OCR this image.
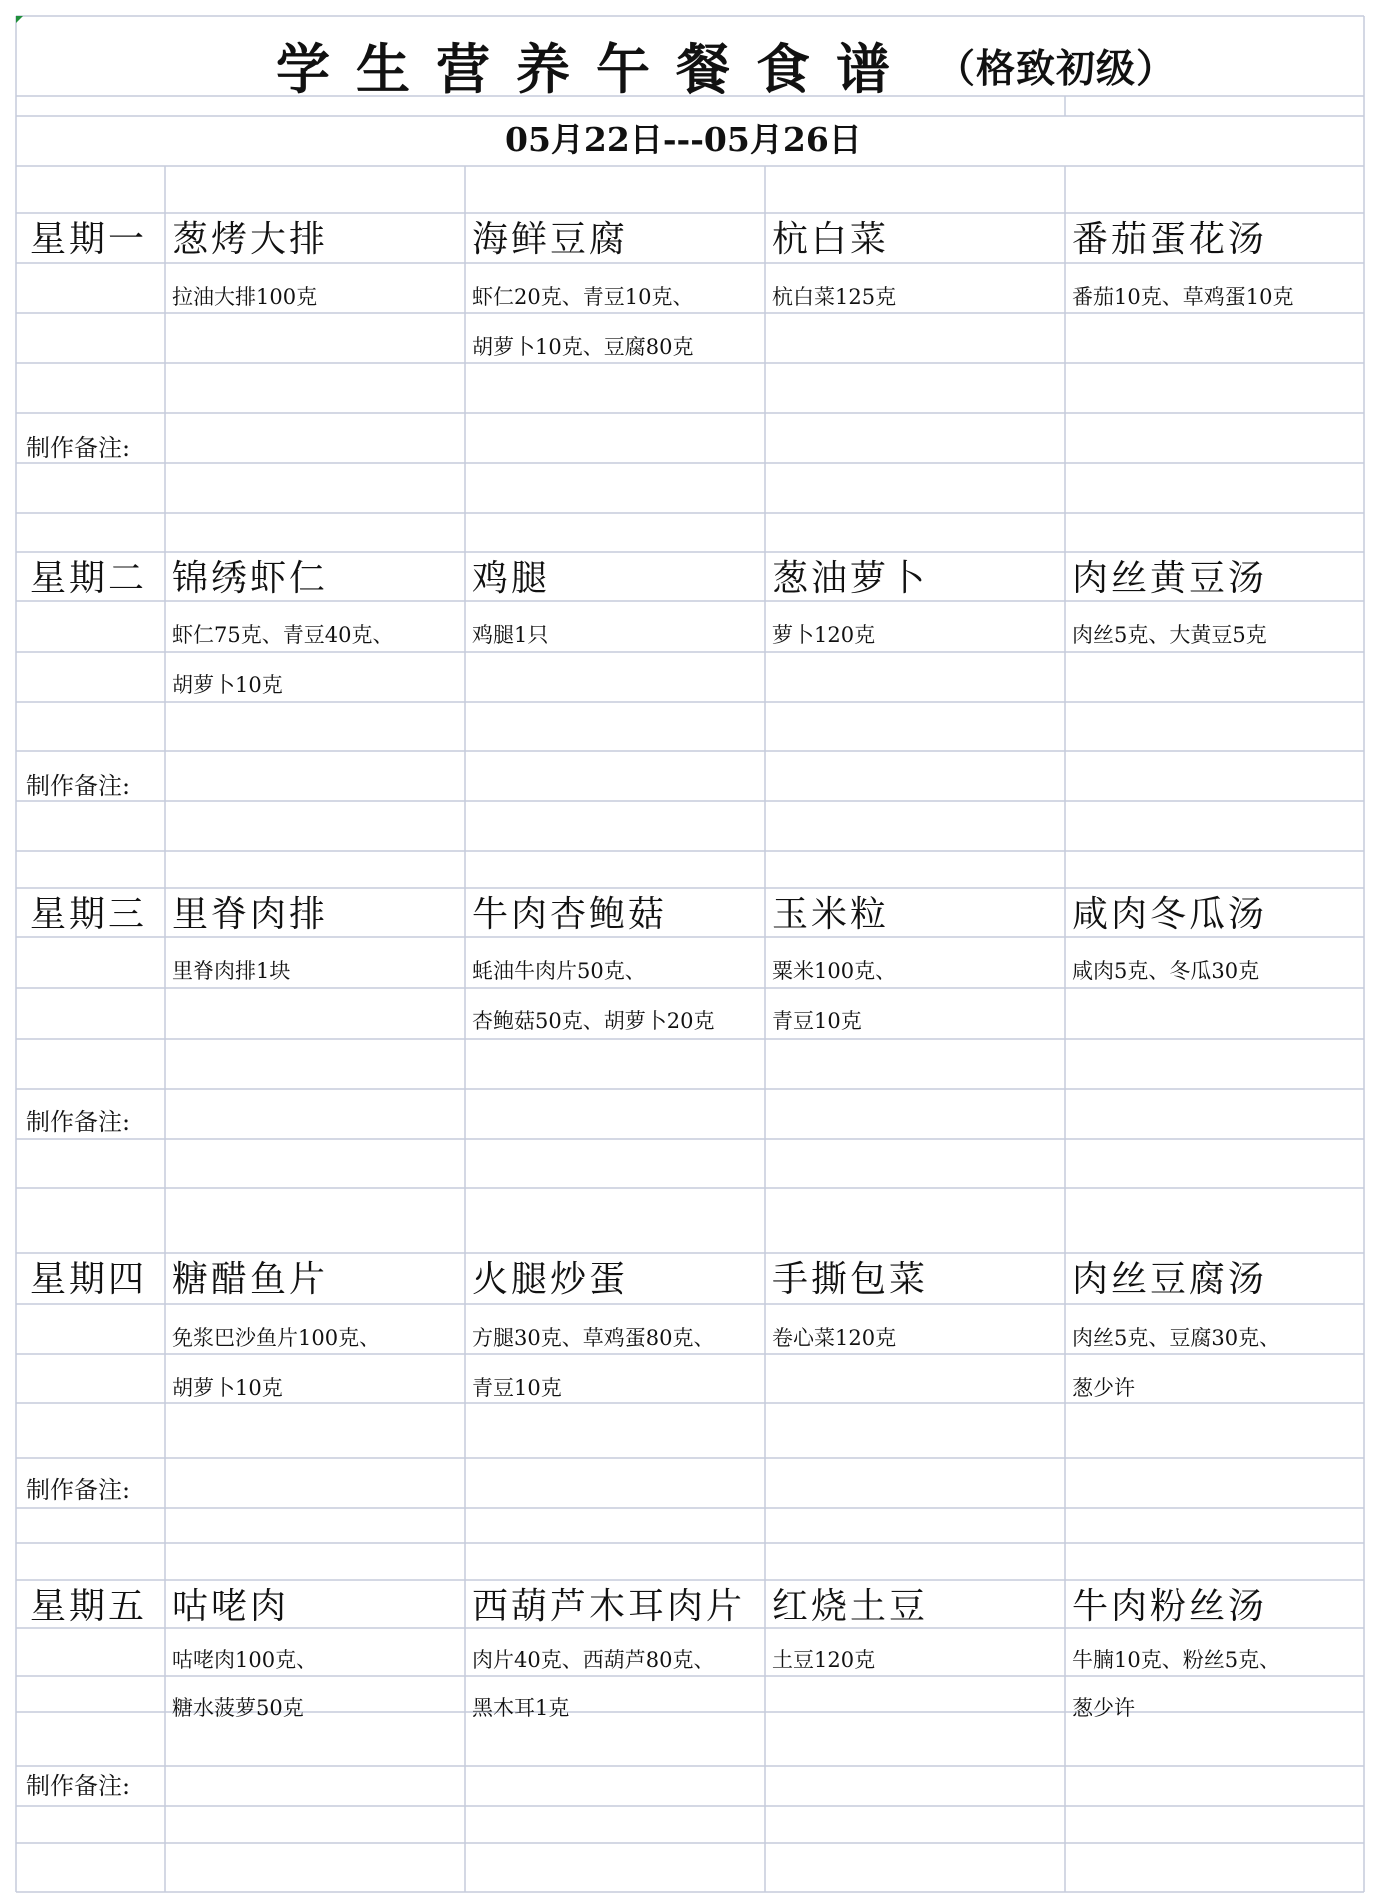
学生营养午餐食谱 （格致初级）
05月22日---05月26日
星期一 葱烤大排
拉油大排100克
海鲜豆腐
虾仁20克、青豆10克、
胡萝卜10克、豆腐80克
杭白菜
杭白菜125克
番茄蛋花汤
番茄10克、草鸡蛋10克
制作备注:
星期二 锦绣虾仁
虾仁75克、青豆40克、
胡萝卜10克
鸡腿
鸡腿1只
葱油萝卜
萝卜120克
肉丝黄豆汤
肉丝5克、大黄豆5克
制作备注:
星期三 里脊肉排
里脊肉排1块
牛肉杏鲍菇
蚝油牛肉片50克、
杏鲍菇50克、胡萝卜20克
玉米粒
粟米100克、
青豆10克
咸肉冬瓜汤
咸肉5克、冬瓜30克
制作备注:
星期四 糖醋鱼片
免浆巴沙鱼片100克、
胡萝卜10克
火腿炒蛋
方腿30克、草鸡蛋80克、
青豆10克
手撕包菜
卷心菜120克
肉丝豆腐汤
肉丝5克、豆腐30克、
葱少许
制作备注:
星期五 咕咾肉
咕咾肉100克、
糖水菠萝50克
西葫芦木耳肉片
肉片40克、西葫芦80克、
黑木耳1克
红烧土豆
土豆120克
牛肉粉丝汤
牛腩10克、粉丝5克、
葱少许
制作备注:
